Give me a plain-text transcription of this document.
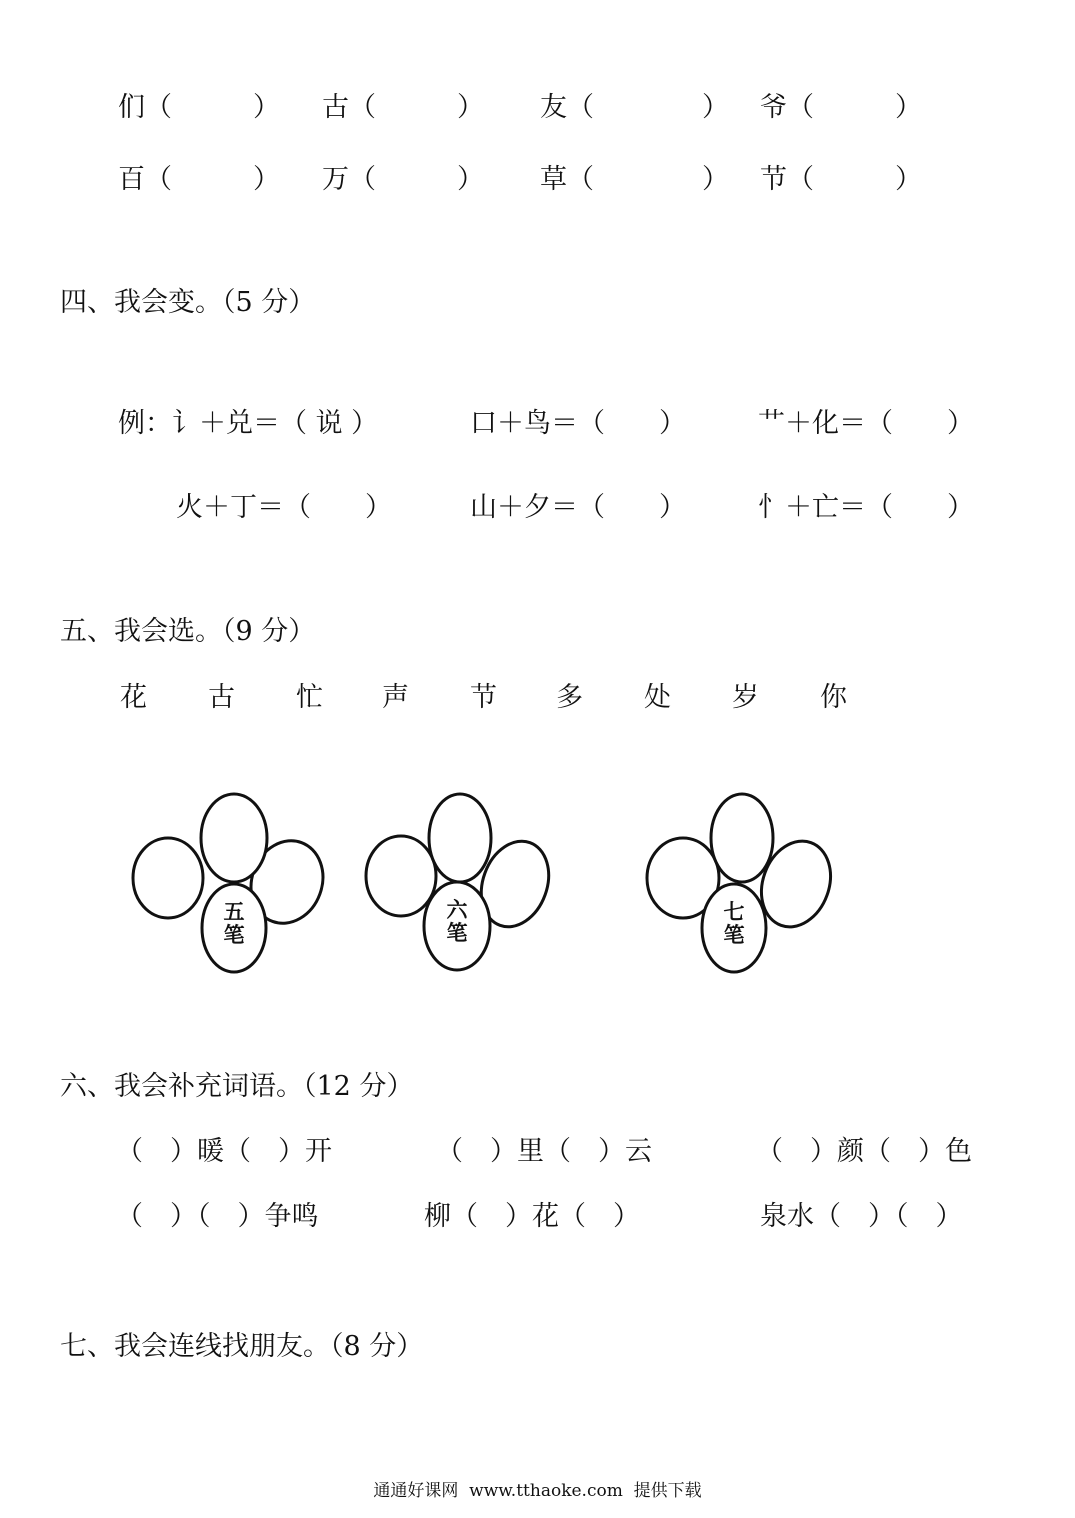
们（　　　） 古（　　　） 友（　　　　） 爷（　　　）
百（　　　） 万（　　　） 草（　　　　） 节（　　　）
四、我会变。（5 分）
例：讠＋兑＝（ 说 ）	口＋鸟＝（　　）	艹＋化＝（　　）
火＋丁＝（　　）	山＋夕＝（　　）	忄＋亡＝（　　）
五、我会选。（9 分）
花 古 忙 声 节 多 处 岁 你
五
笔
六
笔
七
笔
六、我会补充词语。（12 分）
（　）暖（　）开	（　）里（　）云	（　）颜（　）色
（　）（　）争鸣	柳（　）花（　）	泉水（　）（　）
七、我会连线找朋友。（8 分）
通通好课网  www.tthaoke.com  提供下载
